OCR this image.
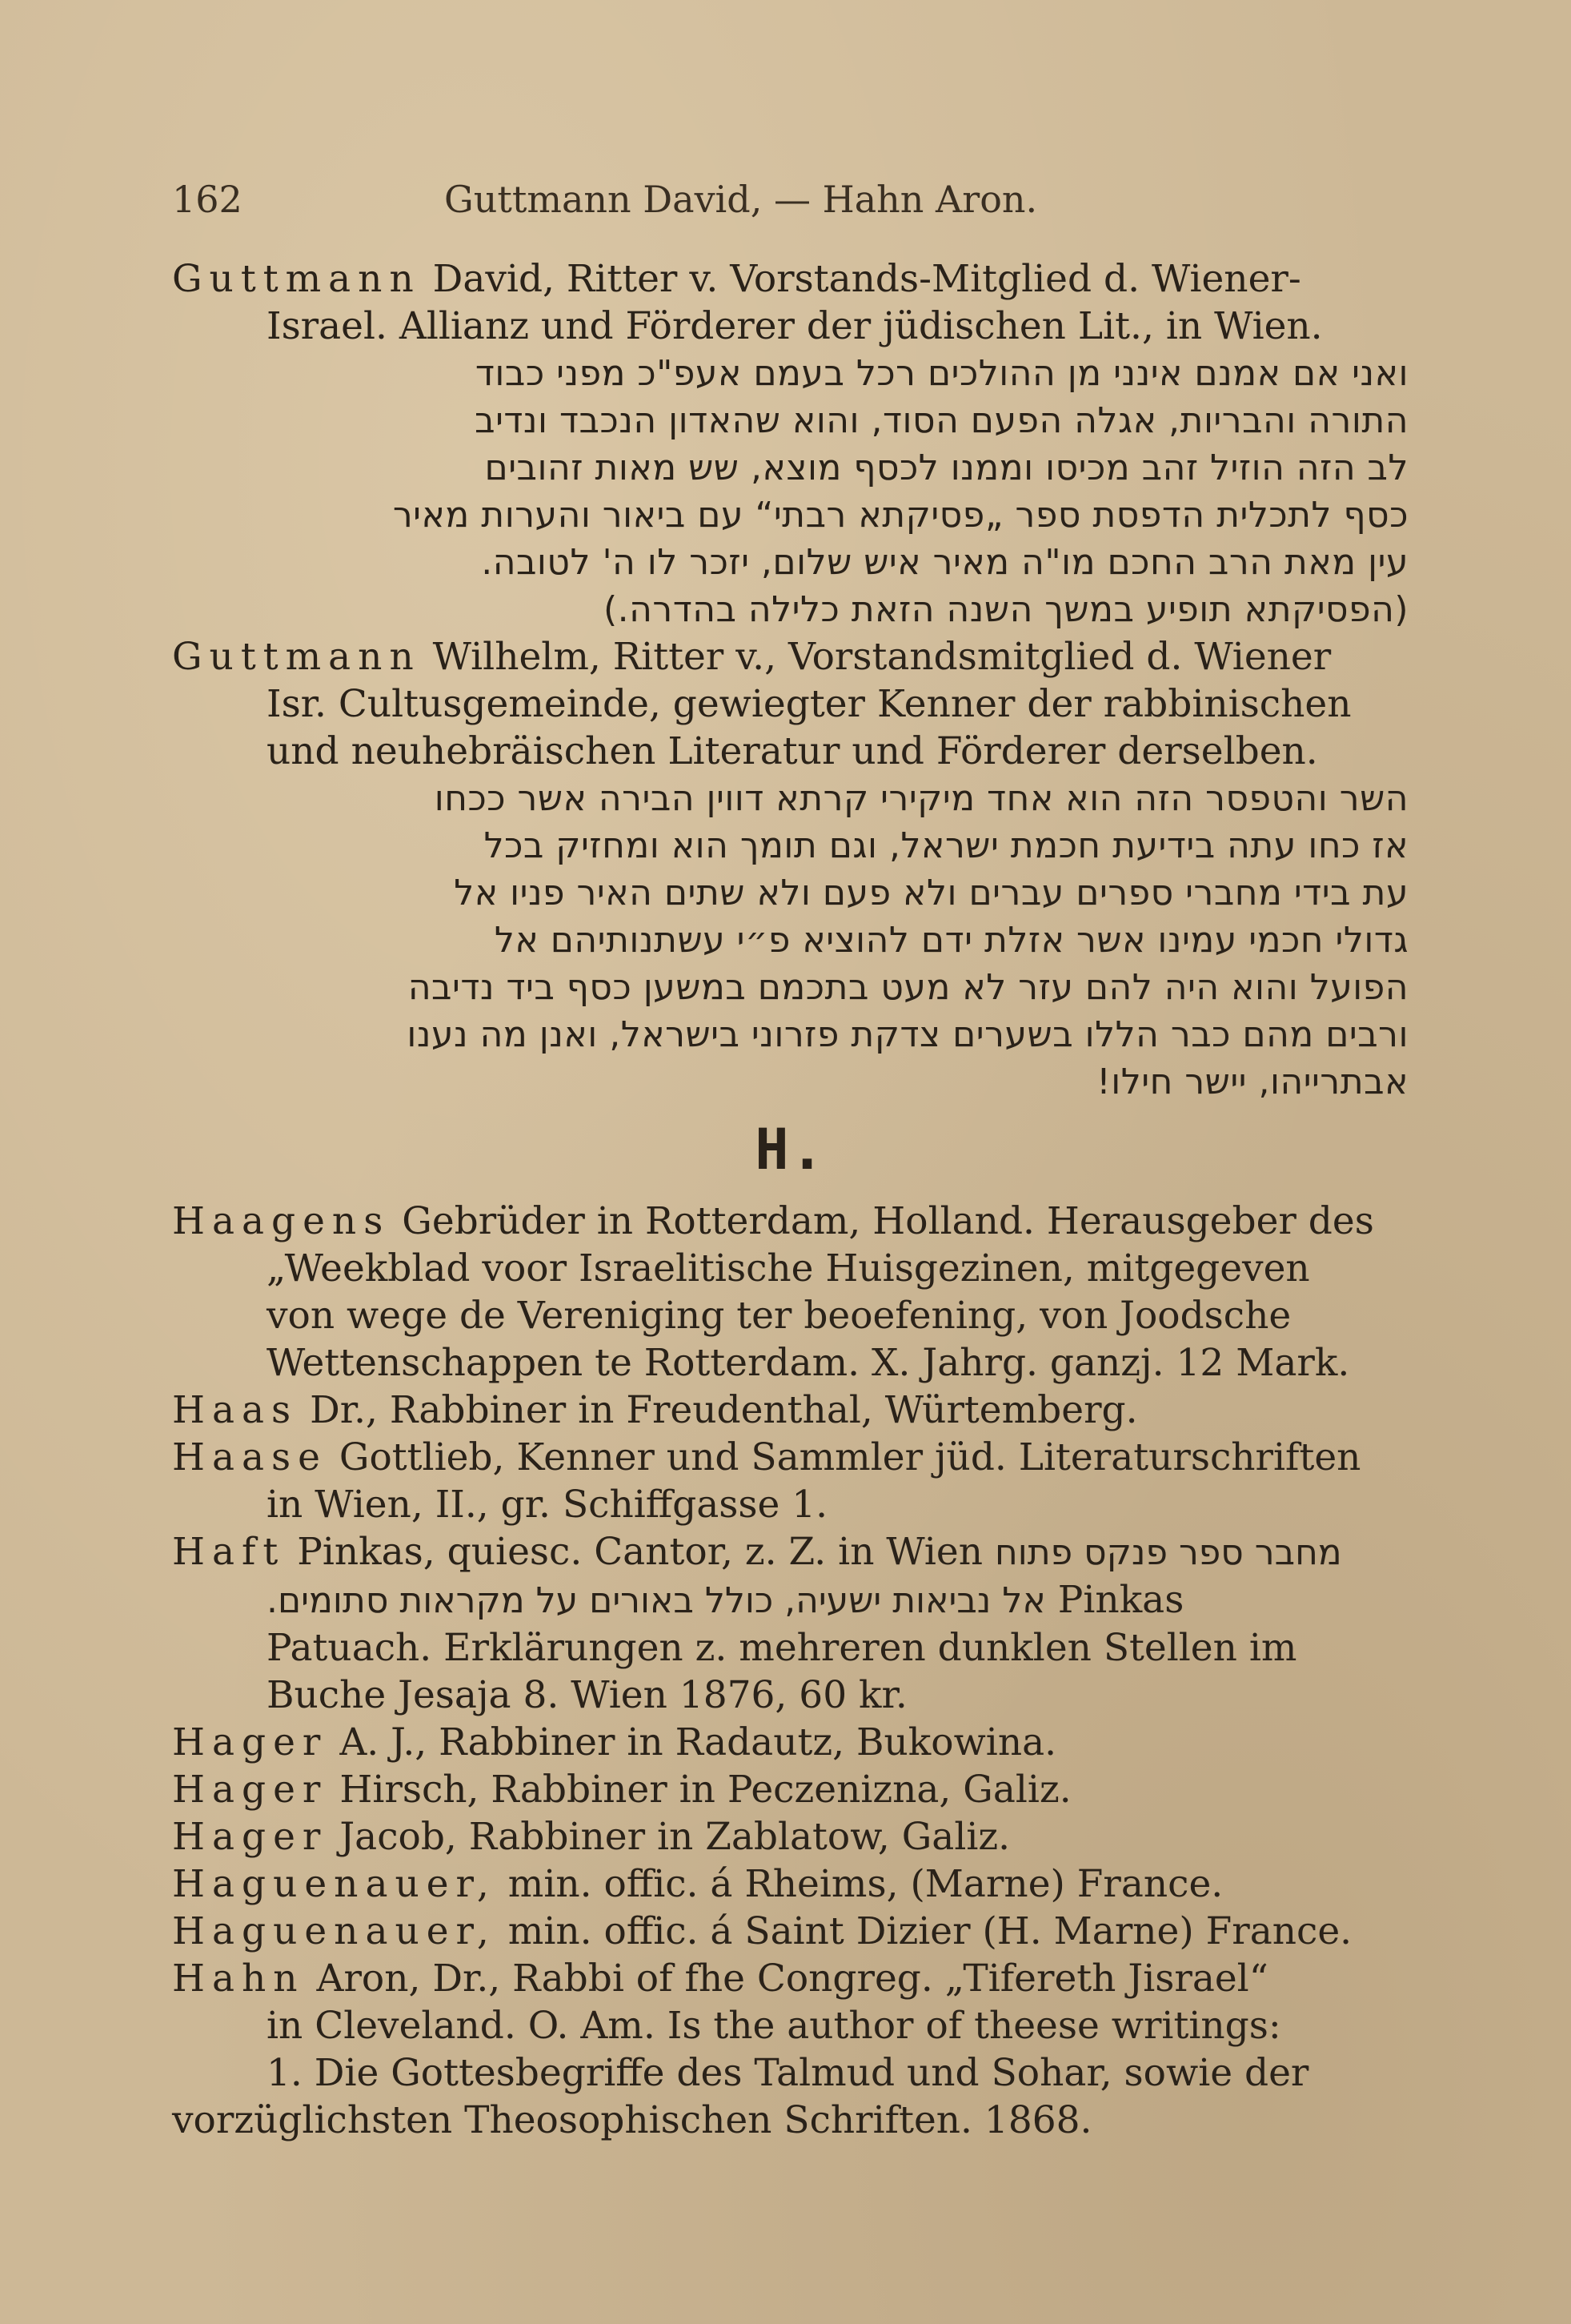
162	Guttmann David, — Hahn Aron.

Guttmann David, Ritter v. Vorstands-Mitglied d. Wiener-

Israel. Allianz und Förderer der jüdischen Lit., in Wien.

ואני אם אמנם אינני מן ההולכים רכל בעמם אעפ"כ מפני כבוד

התורה והבריות, אגלה הפעם הסוד, והוא שהאדון הנכבד ונדיב

לב הזה הוזיל זהב מכיסו וממנו לכסף מוצא, שש מאות זהובים

כסף לתכלית הדפסת ספר „פסיקתא רבתי“ עם ביאור והערות מאיר

עין מאת הרב החכם מו"ה מאיר איש שלום, יזכר לו ה' לטובה.

(הפסיקתא תופיע במשך השנה הזאת כלילה בהדרה.)

Guttmann Wilhelm, Ritter v., Vorstandsmitglied d. Wiener

Isr. Cultusgemeinde, gewiegter Kenner der rabbinischen

und neuhebräischen Literatur und Förderer derselben.

השר והטפסר הזה הוא אחד מיקירי קרתא דווין הבירה אשר ככחו

אז כחו עתה בידיעת חכמת ישראל, וגם תומך הוא ומחזיק בכל

עת בידי מחברי ספרים עברים ולא פעם ולא שתים האיר פניו אל

גדולי חכמי עמינו אשר אזלת ידם להוציא פ״י עשתנותיהם אל

הפועל והוא היה להם עזר לא מעט בתכמם במשען כסף ביד נדיבה

ורבים מהם כבר הללו בשערים צדקת פזרוני בישראל, ואנן מה נענו

אבתרייהו, יישר חילו!

H.

Haagens Gebrüder in Rotterdam, Holland. Herausgeber des

„Weekblad voor Israelitische Huisgezinen, mitgegeven

von wege de Vereniging ter beoefening, von Joodsche

Wettenschappen te Rotterdam. X. Jahrg. ganzj. 12 Mark.

Haas Dr., Rabbiner in Freudenthal, Würtemberg.

Haase Gottlieb, Kenner und Sammler jüd. Literaturschriften

in Wien, II., gr. Schiffgasse 1.

Haft Pinkas, quiesc. Cantor, z. Z. in Wien מחבר ספר פנקס פתוח

אל נביאות ישעיה, כולל באורים על מקראות סתומים. Pinkas

Patuach. Erklärungen z. mehreren dunklen Stellen im

Buche Jesaja 8. Wien 1876, 60 kr.

Hager A. J., Rabbiner in Radautz, Bukowina.

Hager Hirsch, Rabbiner in Peczenizna, Galiz.

Hager Jacob, Rabbiner in Zablatow, Galiz.

Haguenauer, min. offic. á Rheims, (Marne) France.

Haguenauer, min. offic. á Saint Dizier (H. Marne) France.

Hahn Aron, Dr., Rabbi of fhe Congreg. „Tifereth Jisrael“

in Cleveland. O. Am. Is the author of theese writings:

1. Die Gottesbegriffe des Talmud und Sohar, sowie der

vorzüglichsten Theosophischen Schriften. 1868.
